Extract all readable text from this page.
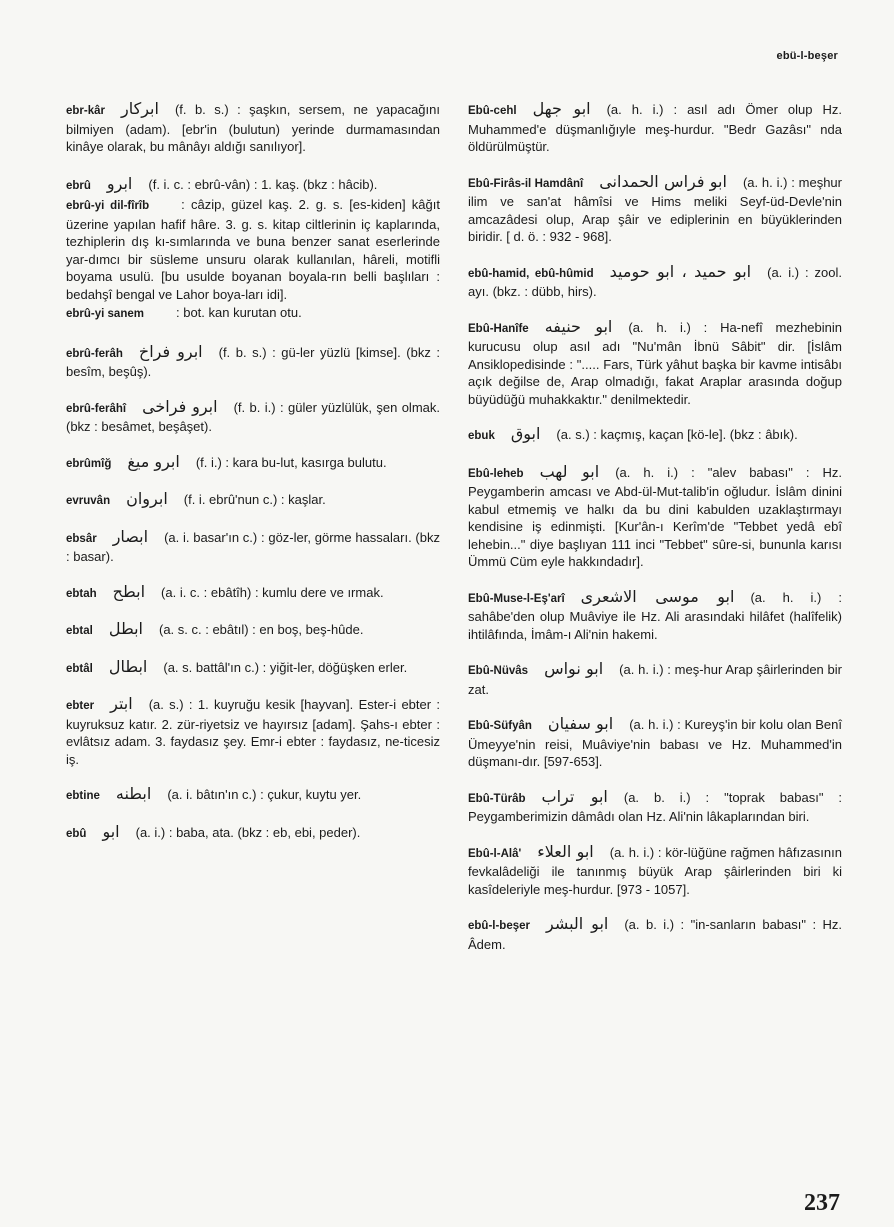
ebü-l-beşer
ebr-kâr ابركار (f. b. s.) : şaşkın, sersem, ne yapacağını bilmiyen (adam). [ebr'in (bulutun) yerinde durmamasından kinâye olarak, bu mânâyı aldığı sanılıyor].
ebrû ابرو (f. i. c. : ebrû-vân) : 1. kaş. (bkz : hâcib).
ebrû-yi dil-fîrîb : câzip, güzel kaş. 2. g. s. [es-kiden] kâğıt üzerine yapılan hafif hâre. 3. g. s. kitap ciltlerinin iç kaplarında, tezhiplerin dış kı-sımlarında ve buna benzer sanat eserlerinde yar-dımcı bir süsleme unsuru olarak kullanılan, hâreli, motifli boyama usulü. [bu usulde boyanan boyala-rın belli başlıları : bedahşî bengal ve Lahor boya-ları idi].
ebrû-yi sanem : bot. kan kurutan otu.
ebrû-ferâh ابرو فراخ (f. b. s.) : gü-ler yüzlü [kimse]. (bkz : besîm, beşûş).
ebrû-ferâhî ابرو فراخى (f. b. i.) : güler yüzlülük, şen olmak. (bkz : besâmet, beşâşet).
ebrûmîğ ابرو ميغ (f. i.) : kara bu-lut, kasırga bulutu.
evruvân ابروان (f. i. ebrû'nun c.) : kaşlar.
ebsâr ابصار (a. i. basar'ın c.) : göz-ler, görme hassaları. (bkz : basar).
ebtah ابطح (a. i. c. : ebâtîh) : kumlu dere ve ırmak.
ebtal ابطل (a. s. c. : ebâtıl) : en boş, beş-hûde.
ebtâl ابطال (a. s. battâl'ın c.) : yiğit-ler, döğüşken erler.
ebter ابتر (a. s.) : 1. kuyruğu kesik [hayvan]. Ester-i ebter : kuyruksuz katır. 2. zür-riyetsiz ve hayırsız [adam]. Şahs-ı ebter : evlâtsız adam. 3. faydasız şey. Emr-i ebter : faydasız, ne-ticesiz iş.
ebtine ابطنه (a. i. bâtın'ın c.) : çukur, kuytu yer.
ebû ابو (a. i.) : baba, ata. (bkz : eb, ebi, peder).
Ebû-cehl ابو جهل (a. h. i.) : asıl adı Ömer olup Hz. Muhammed'e düşmanlığıyle meş-hurdur. "Bedr Gazâsı" nda öldürülmüştür.
Ebû-Firâs-il Hamdânî ابو فراس الحمدانى (a. h. i.) : meşhur ilim ve san'at hâmîsi ve Hims meliki Seyf-üd-Devle'nin amcazâdesi olup, Arap şâir ve ediplerinin en büyüklerinden biridir. [ d. ö. : 932 - 968].
ebû-hamid, ebû-hûmid ابو حميد ، ابو حوميد (a. i.) : zool. ayı. (bkz. : dübb, hirs).
Ebû-Hanîfe ابو حنيفه (a. h. i.) : Ha-nefî mezhebinin kurucusu olup asıl adı "Nu'mân İbnü Sâbit" dir. [İslâm Ansiklopedisinde : "..... Fars, Türk yâhut başka bir kavme intisâbı açık değilse de, Arap olmadığı, fakat Araplar arasında doğup büyüdüğü muhakkaktır." denilmektedir.
ebuk ابوق (a. s.) : kaçmış, kaçan [kö-le]. (bkz : âbık).
Ebû-leheb ابو لهب (a. h. i.) : "alev babası" : Hz. Peygamberin amcası ve Abd-ül-Mut-talib'in oğludur. İslâm dinini kabul etmemiş ve halkı da bu dini kabulden uzaklaştırmayı kendisine iş edinmişti. [Kur'ân-ı Kerîm'de "Tebbet yedâ ebî lehebin..." diye başlıyan 111 inci "Tebbet" sûre-si, bununla karısı Ümmü Cüm eyle hakkındadır].
Ebû-Muse-l-Eş'arî ابو موسى الاشعرى (a. h. i.) : sahâbe'den olup Muâviye ile Hz. Ali arasındaki hilâfet (halîfelik) ihtilâfında, İmâm-ı Ali'nin hakemi.
Ebû-Nüvâs ابو نواس (a. h. i.) : meş-hur Arap şâirlerinden bir zat.
Ebû-Süfyân ابو سفيان (a. h. i.) : Kureyş'in bir kolu olan Benî Ümeyye'nin reisi, Muâviye'nin babası ve Hz. Muhammed'in düşmanı-dır. [597-653].
Ebû-Türâb ابو تراب (a. b. i.) : "toprak babası" : Peygamberimizin dâmâdı olan Hz. Ali'nin lâkaplarından biri.
Ebû-l-Alâ' ابو العلاء (a. h. i.) : kör-lüğüne rağmen hâfızasının fevkalâdeliği ile tanınmış büyük Arap şâirlerinden biri ki kasîdeleriyle meş-hurdur. [973 - 1057].
ebû-l-beşer ابو البشر (a. b. i.) : "in-sanların babası" : Hz. Âdem.
237
